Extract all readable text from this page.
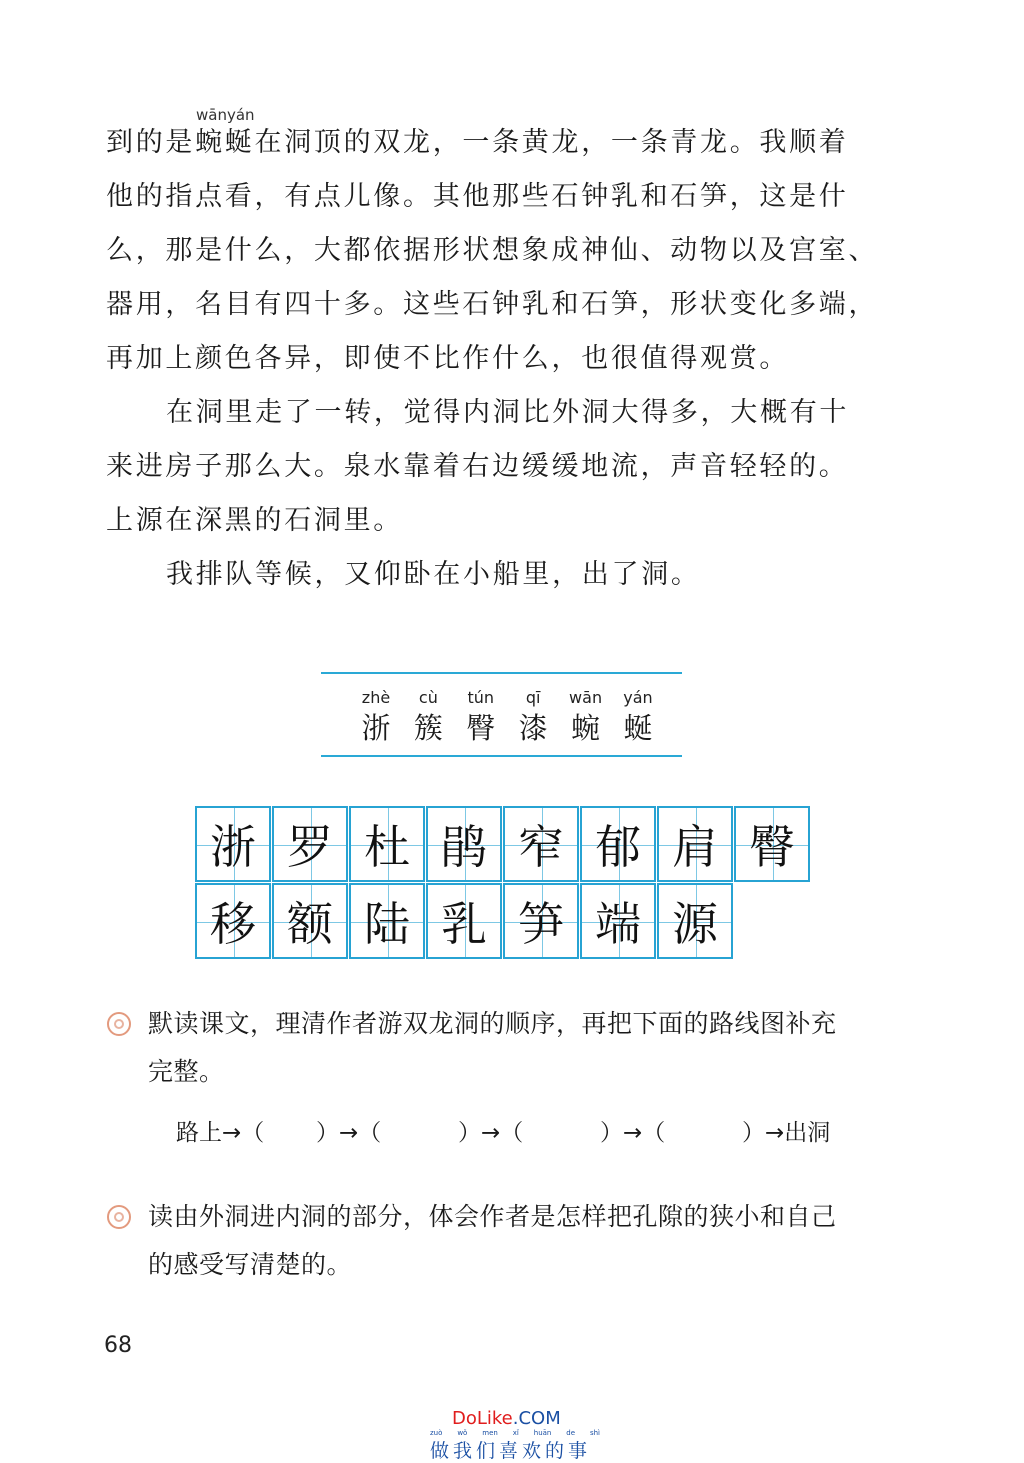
wānyán
到的是蜿蜒在洞顶的双龙，一条黄龙，一条青龙。我顺着
他的指点看，有点儿像。其他那些石钟乳和石笋，这是什
么，那是什么，大都依据形状想象成神仙、动物以及宫室、
器用，名目有四十多。这些石钟乳和石笋，形状变化多端，
再加上颜色各异，即使不比作什么，也很值得观赏。
在洞里走了一转，觉得内洞比外洞大得多，大概有十
来进房子那么大。泉水靠着右边缓缓地流，声音轻轻的。
上源在深黑的石洞里。
我排队等候，又仰卧在小船里，出了洞。
zhè	cù	tún	qī	wān	yán
浙 簇 臀 漆 蜿 蜒
浙 罗 杜 鹃 窄 郁 肩 臀
移 额 陆 乳 笋 端 源
默读课文，理清作者游双龙洞的顺序，再把下面的路线图补充
完整。
路上→（	）→（	）→（	）→（	）→出洞
读由外洞进内洞的部分，体会作者是怎样把孔隙的狭小和自己
的感受写清楚的。
68
DoLike.COM
zuò wǒ men xǐ huān de shì
做我们喜欢的事
